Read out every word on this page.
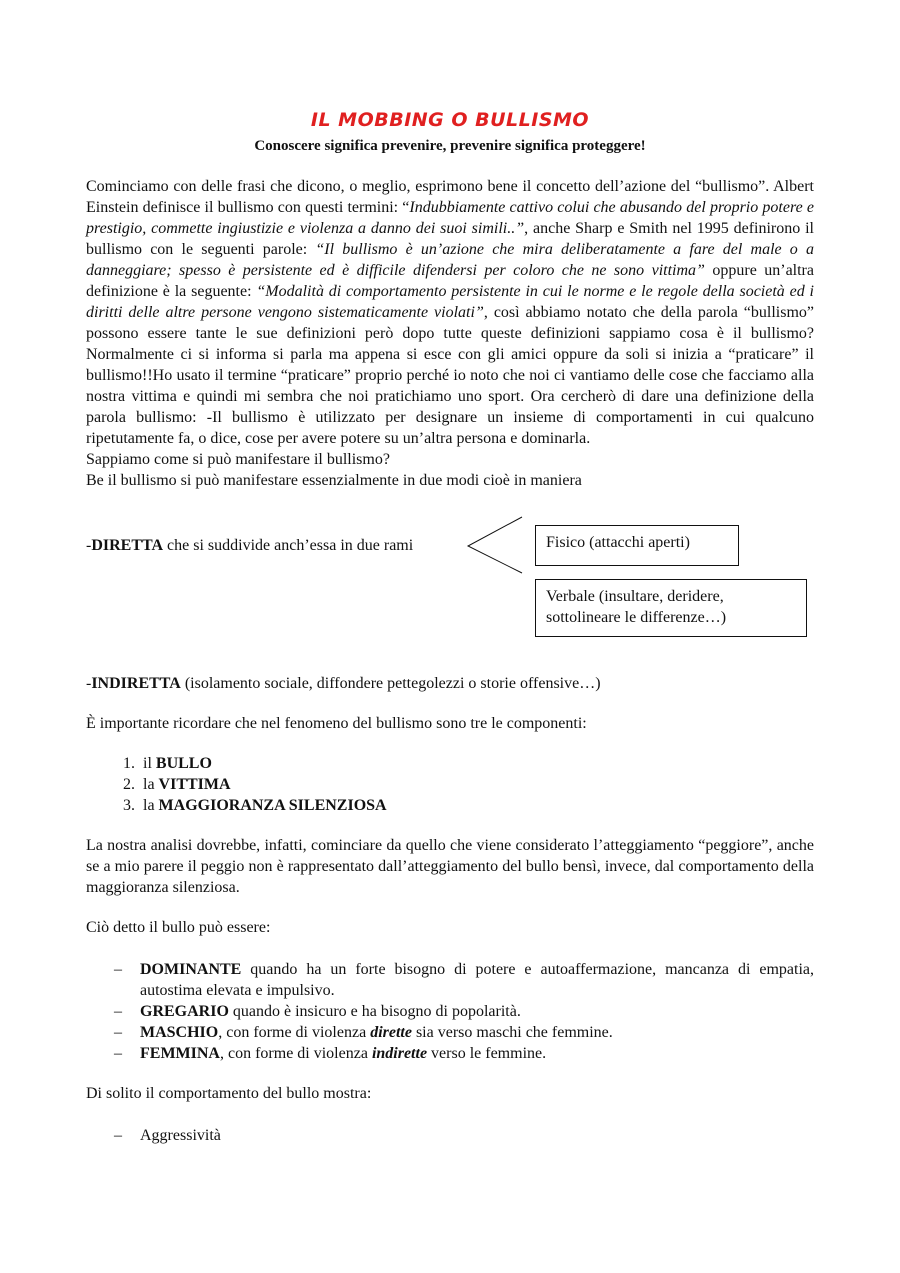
IL MOBBING O BULLISMO

Conoscere significa prevenire, prevenire significa proteggere!

Cominciamo con delle frasi che dicono, o meglio, esprimono bene il concetto dell’azione del “bullismo”. Albert Einstein definisce il bullismo con questi termini: “Indubbiamente cattivo colui che abusando del proprio potere e prestigio, commette ingiustizie e violenza a danno dei suoi simili..”, anche Sharp e Smith nel 1995 definirono il bullismo con le seguenti parole: “Il bullismo è un’azione che mira deliberatamente a fare del male o a danneggiare; spesso è persistente ed è difficile difendersi per coloro che ne sono vittima” oppure un’altra definizione è la seguente: “Modalità di comportamento persistente in cui le norme e le regole della società ed i diritti delle altre persone vengono sistematicamente violati”, così abbiamo notato che della parola “bullismo” possono essere tante le sue definizioni però dopo tutte queste definizioni sappiamo cosa è il bullismo? Normalmente ci si informa si parla ma appena si esce con gli amici oppure da soli si inizia a “praticare” il bullismo!!Ho usato il termine “praticare” proprio perché io noto che noi ci vantiamo delle cose che facciamo alla nostra vittima e quindi mi sembra che noi pratichiamo uno sport. Ora cercherò di dare una definizione della parola bullismo: -Il bullismo è utilizzato per designare un insieme di comportamenti in cui qualcuno ripetutamente fa, o dice, cose per avere potere su un’altra persona e dominarla.

Sappiamo come si può manifestare il bullismo?

Be il bullismo si può manifestare essenzialmente in due modi cioè in maniera

-DIRETTA che si suddivide anch’essa in due rami	Fisico (attacchi aperti)
Verbale (insultare, deridere, sottolineare le differenze…)

-INDIRETTA (isolamento sociale, diffondere pettegolezzi o storie offensive…)

È importante ricordare che nel fenomeno del bullismo sono tre le componenti:

1. il BULLO
2. la VITTIMA
3. la MAGGIORANZA SILENZIOSA

La nostra analisi dovrebbe, infatti, cominciare da quello che viene considerato l’atteggiamento “peggiore”, anche se a mio parere il peggio non è rappresentato dall’atteggiamento del bullo bensì, invece, dal comportamento della maggioranza silenziosa.

Ciò detto il bullo può essere:

– DOMINANTE quando ha un forte bisogno di potere e autoaffermazione, mancanza di empatia, autostima elevata e impulsivo.
– GREGARIO quando è insicuro e ha bisogno di popolarità.
– MASCHIO, con forme di violenza dirette sia verso maschi che femmine.
– FEMMINA, con forme di violenza indirette verso le femmine.

Di solito il comportamento del bullo mostra:

– Aggressività
